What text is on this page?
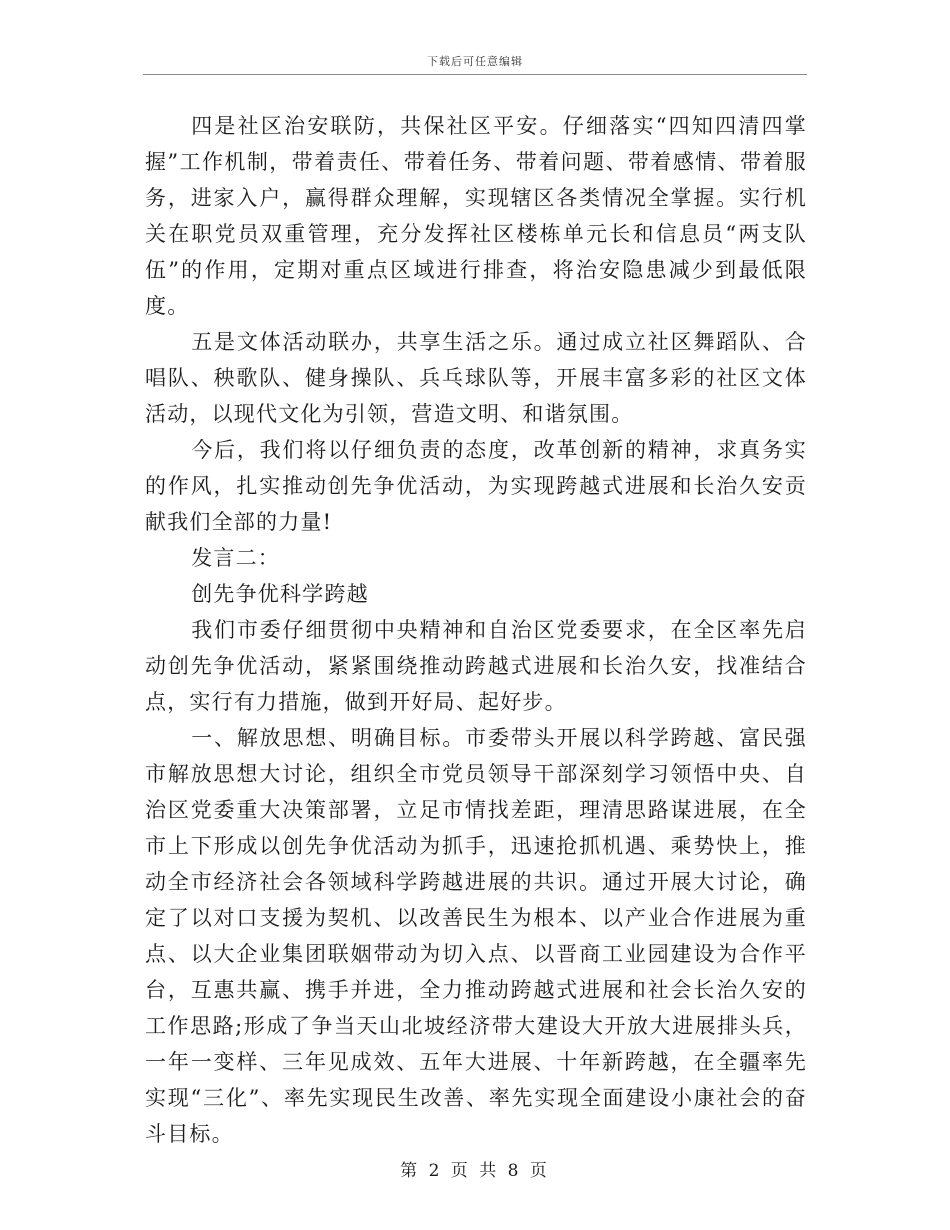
下载后可任意编辑

四是社区治安联防，共保社区平安。仔细落实“四知四清四掌握”工作机制，带着责任、带着任务、带着问题、带着感情、带着服务，进家入户，赢得群众理解，实现辖区各类情况全掌握。实行机关在职党员双重管理，充分发挥社区楼栋单元长和信息员“两支队伍”的作用，定期对重点区域进行排查，将治安隐患减少到最低限度。

五是文体活动联办，共享生活之乐。通过成立社区舞蹈队、合唱队、秧歌队、健身操队、兵乓球队等，开展丰富多彩的社区文体活动，以现代文化为引领，营造文明、和谐氛围。

今后，我们将以仔细负责的态度，改革创新的精神，求真务实的作风，扎实推动创先争优活动，为实现跨越式进展和长治久安贡献我们全部的力量!

发言二：

创先争优科学跨越

我们市委仔细贯彻中央精神和自治区党委要求，在全区率先启动创先争优活动，紧紧围绕推动跨越式进展和长治久安，找准结合点，实行有力措施，做到开好局、起好步。

一、解放思想、明确目标。市委带头开展以科学跨越、富民强市解放思想大讨论，组织全市党员领导干部深刻学习领悟中央、自治区党委重大决策部署，立足市情找差距，理清思路谋进展，在全市上下形成以创先争优活动为抓手，迅速抢抓机遇、乘势快上，推动全市经济社会各领域科学跨越进展的共识。通过开展大讨论，确定了以对口支援为契机、以改善民生为根本、以产业合作进展为重点、以大企业集团联姻带动为切入点、以晋商工业园建设为合作平台，互惠共赢、携手并进，全力推动跨越式进展和社会长治久安的工作思路;形成了争当天山北坡经济带大建设大开放大进展排头兵，一年一变样、三年见成效、五年大进展、十年新跨越，在全疆率先实现“三化”、率先实现民生改善、率先实现全面建设小康社会的奋斗目标。

第 2 页 共 8 页
